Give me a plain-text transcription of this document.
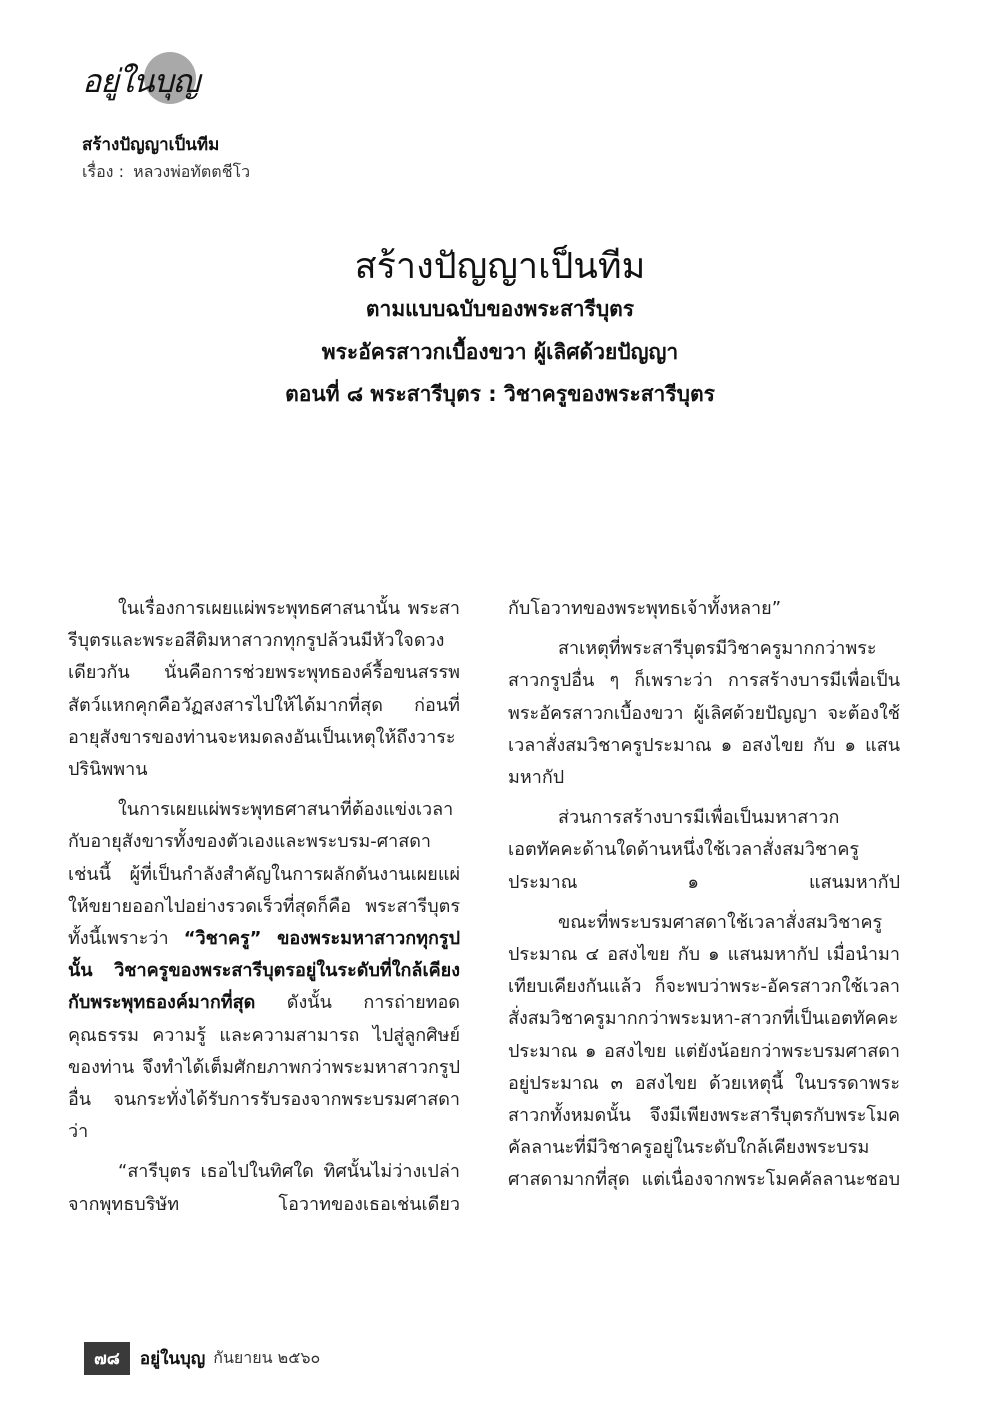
อยู่ในบุญ
สร้างปัญญาเป็นทีม
เรื่อง : หลวงพ่อทัตตชีโว
สร้างปัญญาเป็นทีม
ตามแบบฉบับของพระสารีบุตร
พระอัครสาวกเบื้องขวา ผู้เลิศด้วยปัญญา
ตอนที่ ๘ พระสารีบุตร : วิชาครูของพระสารีบุตร

ในเรื่องการเผยแผ่พระพุทธศาสนานั้น พระสารีบุตรและพระอสีติมหาสาวกทุกรูปล้วนมีหัวใจดวงเดียวกัน นั่นคือการช่วยพระพุทธองค์รื้อขนสรรพสัตว์แหกคุกคือวัฏสงสารไปให้ได้มากที่สุด ก่อนที่อายุสังขารของท่านจะหมดลงอันเป็นเหตุให้ถึงวาระปรินิพพาน

ในการเผยแผ่พระพุทธศาสนาที่ต้องแข่งเวลากับอายุสังขารทั้งของตัวเองและพระบรม-ศาสดาเช่นนี้ ผู้ที่เป็นกำลังสำคัญในการผลักดันงานเผยแผ่ให้ขยายออกไปอย่างรวดเร็วที่สุดก็คือ พระสารีบุตร ทั้งนี้เพราะว่า “วิชาครู” ของพระมหาสาวกทุกรูปนั้น วิชาครูของพระสารีบุตรอยู่ในระดับที่ใกล้เคียงกับพระพุทธองค์มากที่สุด ดังนั้น การถ่ายทอดคุณธรรม ความรู้ และความสามารถ ไปสู่ลูกศิษย์ของท่าน จึงทำได้เต็มศักยภาพกว่าพระมหาสาวกรูปอื่น จนกระทั่งได้รับการรับรองจากพระบรมศาสดาว่า

“สารีบุตร เธอไปในทิศใด ทิศนั้นไม่ว่างเปล่าจากพุทธบริษัท โอวาทของเธอเช่นเดียว

กับโอวาทของพระพุทธเจ้าทั้งหลาย”

สาเหตุที่พระสารีบุตรมีวิชาครูมากกว่าพระสาวกรูปอื่น ๆ ก็เพราะว่า การสร้างบารมีเพื่อเป็นพระอัครสาวกเบื้องขวา ผู้เลิศด้วยปัญญา จะต้องใช้เวลาสั่งสมวิชาครูประมาณ ๑ อสงไขย กับ ๑ แสนมหากัป

ส่วนการสร้างบารมีเพื่อเป็นมหาสาวกเอตทัคคะด้านใดด้านหนึ่งใช้เวลาสั่งสมวิชาครูประมาณ ๑ แสนมหากัป

ขณะที่พระบรมศาสดาใช้เวลาสั่งสมวิชาครูประมาณ ๔ อสงไขย กับ ๑ แสนมหากัป เมื่อนำมาเทียบเคียงกันแล้ว ก็จะพบว่าพระ-อัครสาวกใช้เวลาสั่งสมวิชาครูมากกว่าพระมหา-สาวกที่เป็นเอตทัคคะประมาณ ๑ อสงไขย แต่ยังน้อยกว่าพระบรมศาสดาอยู่ประมาณ ๓ อสงไขย ด้วยเหตุนี้ ในบรรดาพระสาวกทั้งหมดนั้น จึงมีเพียงพระสารีบุตรกับพระโมคคัลลานะที่มีวิชาครูอยู่ในระดับใกล้เคียงพระบรมศาสดามากที่สุด แต่เนื่องจากพระโมคคัลลานะชอบ

๗๘	อยู่ในบุญ กันยายน ๒๕๖๐
